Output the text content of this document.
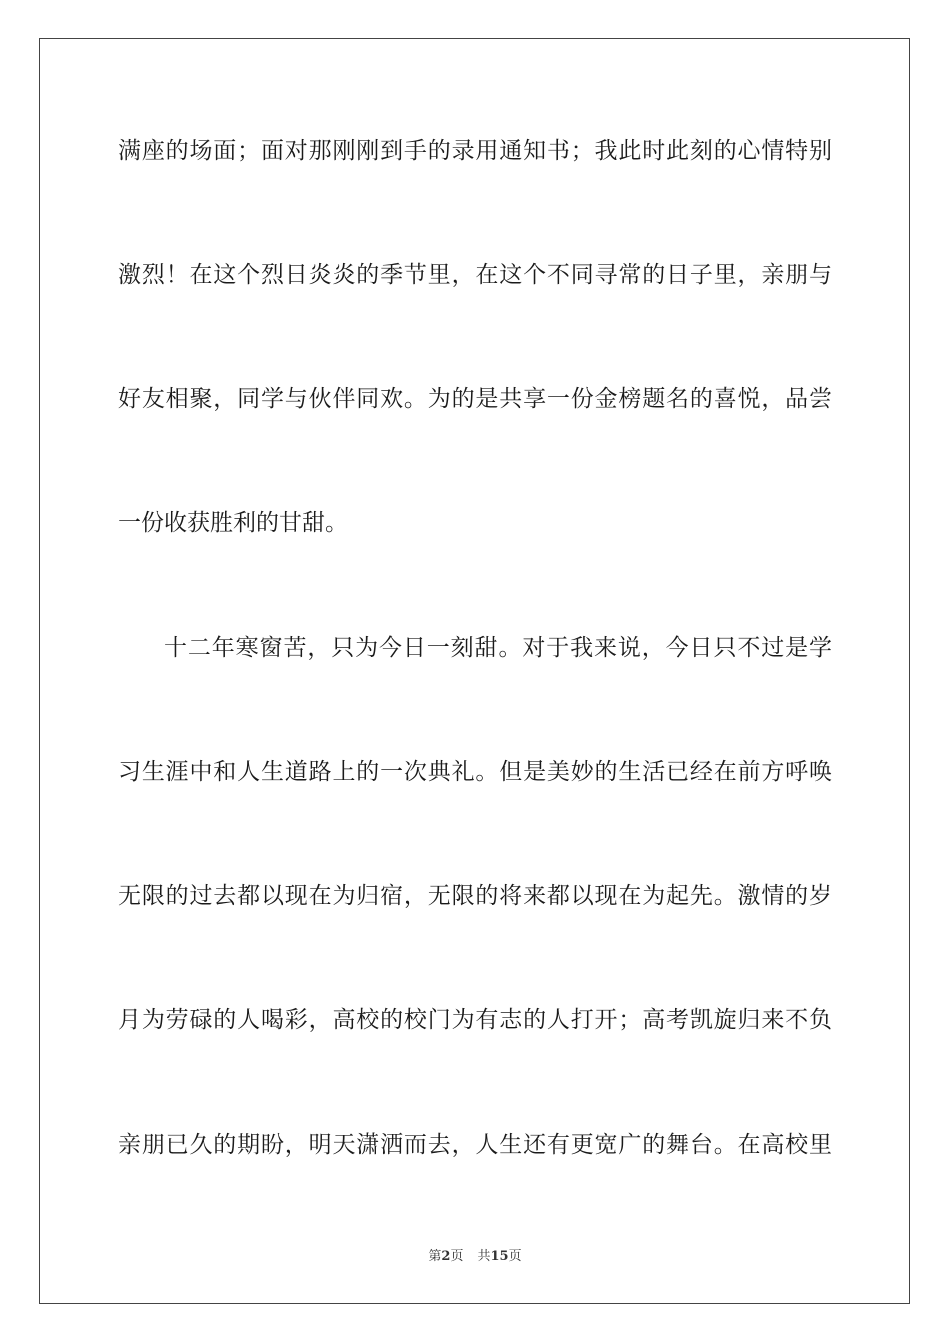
满座的场面；面对那刚刚到手的录用通知书；我此时此刻的心情特别
激烈！在这个烈日炎炎的季节里，在这个不同寻常的日子里，亲朋与
好友相聚，同学与伙伴同欢。为的是共享一份金榜题名的喜悦，品尝
一份收获胜利的甘甜。
十二年寒窗苦，只为今日一刻甜。对于我来说，今日只不过是学
习生涯中和人生道路上的一次典礼。但是美妙的生活已经在前方呼唤
无限的过去都以现在为归宿，无限的将来都以现在为起先。激情的岁
月为劳碌的人喝彩，高校的校门为有志的人打开；高考凯旋归来不负
亲朋已久的期盼，明天潇洒而去，人生还有更宽广的舞台。在高校里
第2页 共15页
